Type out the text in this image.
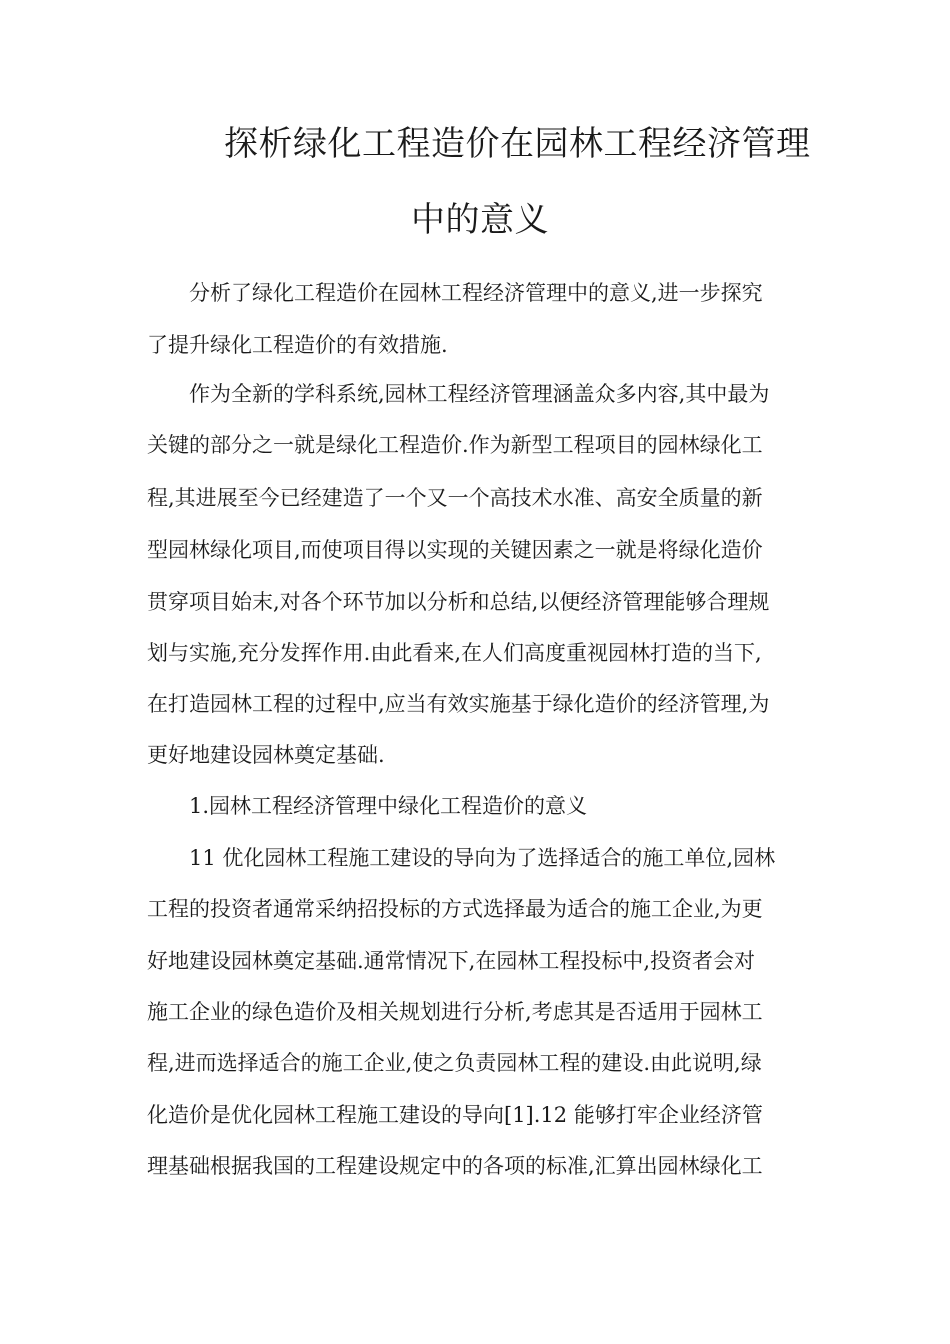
探析绿化工程造价在园林工程经济管理
中的意义
分析了绿化工程造价在园林工程经济管理中的意义,进一步探究
了提升绿化工程造价的有效措施.
作为全新的学科系统,园林工程经济管理涵盖众多内容,其中最为
关键的部分之一就是绿化工程造价.作为新型工程项目的园林绿化工
程,其进展至今已经建造了一个又一个高技术水准、高安全质量的新
型园林绿化项目,而使项目得以实现的关键因素之一就是将绿化造价
贯穿项目始末,对各个环节加以分析和总结,以便经济管理能够合理规
划与实施,充分发挥作用.由此看来,在人们高度重视园林打造的当下,
在打造园林工程的过程中,应当有效实施基于绿化造价的经济管理,为
更好地建设园林奠定基础.
1.园林工程经济管理中绿化工程造价的意义
11 优化园林工程施工建设的导向为了选择适合的施工单位,园林
工程的投资者通常采纳招投标的方式选择最为适合的施工企业,为更
好地建设园林奠定基础.通常情况下,在园林工程投标中,投资者会对
施工企业的绿色造价及相关规划进行分析,考虑其是否适用于园林工
程,进而选择适合的施工企业,使之负责园林工程的建设.由此说明,绿
化造价是优化园林工程施工建设的导向[1].12 能够打牢企业经济管
理基础根据我国的工程建设规定中的各项的标准,汇算出园林绿化工
